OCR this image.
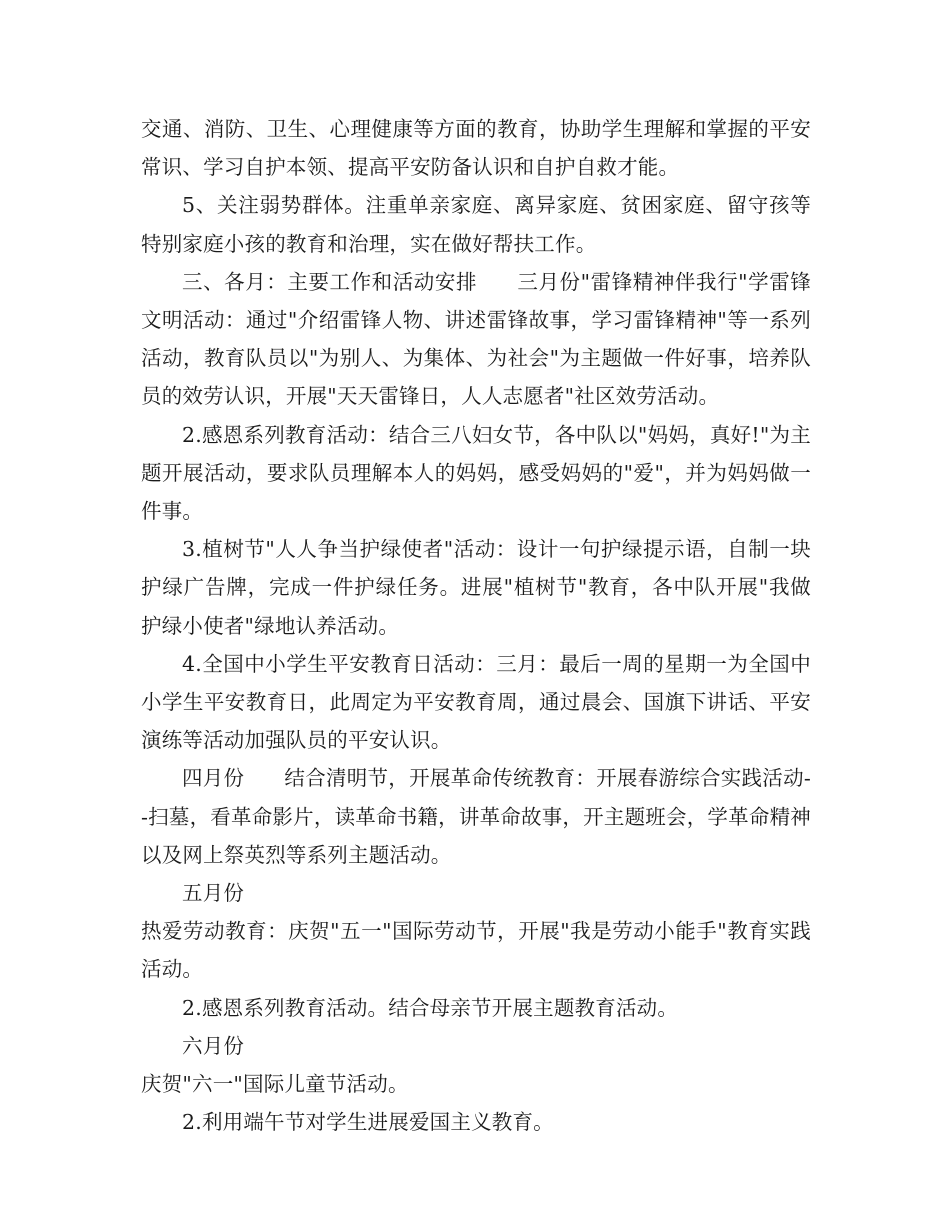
交通、消防、卫生、心理健康等方面的教育，协助学生理解和掌握的平安常识、学习自护本领、提高平安防备认识和自护自救才能。

5、关注弱势群体。注重单亲家庭、离异家庭、贫困家庭、留守孩等特别家庭小孩的教育和治理，实在做好帮扶工作。

三、各月：主要工作和活动安排 三月份"雷锋精神伴我行"学雷锋文明活动：通过"介绍雷锋人物、讲述雷锋故事，学习雷锋精神"等一系列活动，教育队员以"为别人、为集体、为社会"为主题做一件好事，培养队员的效劳认识，开展"天天雷锋日，人人志愿者"社区效劳活动。

2.感恩系列教育活动：结合三八妇女节，各中队以"妈妈，真好!"为主题开展活动，要求队员理解本人的妈妈，感受妈妈的"爱"，并为妈妈做一件事。

3.植树节"人人争当护绿使者"活动：设计一句护绿提示语，自制一块护绿广告牌，完成一件护绿任务。进展"植树节"教育，各中队开展"我做护绿小使者"绿地认养活动。

4.全国中小学生平安教育日活动：三月：最后一周的星期一为全国中小学生平安教育日，此周定为平安教育周，通过晨会、国旗下讲话、平安演练等活动加强队员的平安认识。

四月份 结合清明节，开展革命传统教育：开展春游综合实践活动--扫墓，看革命影片，读革命书籍，讲革命故事，开主题班会，学革命精神以及网上祭英烈等系列主题活动。

五月份

热爱劳动教育：庆贺"五一"国际劳动节，开展"我是劳动小能手"教育实践活动。

2.感恩系列教育活动。结合母亲节开展主题教育活动。

六月份

庆贺"六一"国际儿童节活动。

2.利用端午节对学生进展爱国主义教育。
